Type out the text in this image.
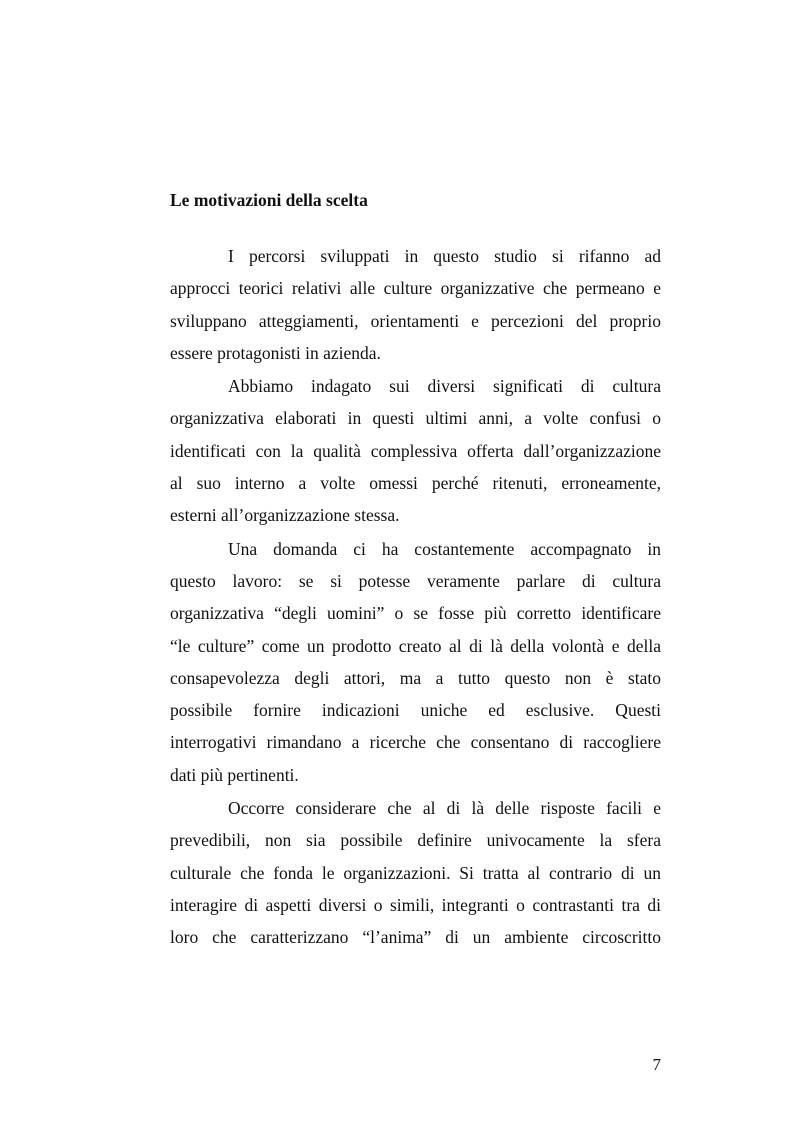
Le motivazioni della scelta
I percorsi sviluppati in questo studio si rifanno ad
approcci teorici relativi alle culture organizzative che permeano e
sviluppano atteggiamenti, orientamenti e percezioni del proprio
essere protagonisti in azienda.
Abbiamo indagato sui diversi significati di cultura
organizzativa elaborati in questi ultimi anni, a volte confusi o
identificati con la qualità complessiva offerta dall’organizzazione
al suo interno a volte omessi perché ritenuti, erroneamente,
esterni all’organizzazione stessa.
Una domanda ci ha costantemente accompagnato in
questo lavoro: se si potesse veramente parlare di cultura
organizzativa “degli uomini” o se fosse più corretto identificare
“le culture” come un prodotto creato al di là della volontà e della
consapevolezza degli attori, ma a tutto questo non è stato
possibile fornire indicazioni uniche ed esclusive. Questi
interrogativi rimandano a ricerche che consentano di raccogliere
dati più pertinenti.
Occorre considerare che al di là delle risposte facili e
prevedibili, non sia possibile definire univocamente la sfera
culturale che fonda le organizzazioni. Si tratta al contrario di un
interagire di aspetti diversi o simili, integranti o contrastanti tra di
loro che caratterizzano “l’anima” di un ambiente circoscritto
7
